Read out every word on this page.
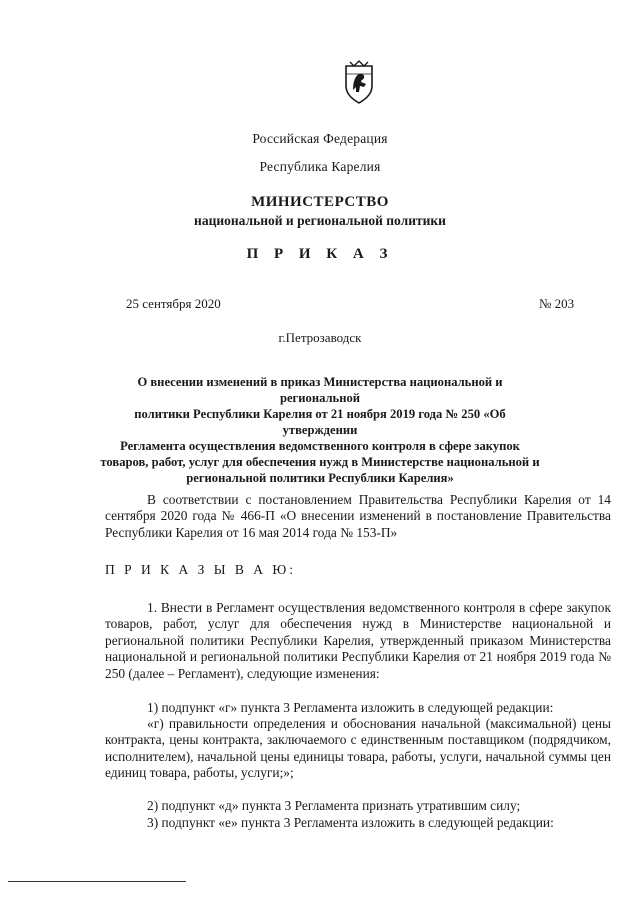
Российская Федерация
Республика Карелия
МИНИСТЕРСТВО
национальной и региональной политики
П Р И К А З
25 сентября 2020	№ 203
г.Петрозаводск
О внесении изменений в приказ Министерства национальной и региональной
политики Республики Карелия от 21 ноября 2019 года № 250 «Об утверждении
Регламента осуществления ведомственного контроля в сфере закупок
товаров, работ, услуг для обеспечения нужд в Министерстве национальной и
региональной политики Республики Карелия»
В соответствии с постановлением Правительства Республики Карелия от 14 сентября 2020 года № 466-П «О внесении изменений в постановление Правительства Республики Карелия от 16 мая 2014 года № 153-П»
П Р И К А З Ы В А Ю:
1. Внести в Регламент осуществления ведомственного контроля в сфере закупок товаров, работ, услуг для обеспечения нужд в Министерстве национальной и региональной политики Республики Карелия, утвержденный приказом Министерства национальной и региональной политики Республики Карелия от 21 ноября 2019 года № 250 (далее – Регламент), следующие изменения:
1) подпункт «г» пункта 3 Регламента изложить в следующей редакции:
«г) правильности определения и обоснования начальной (максимальной) цены контракта, цены контракта, заключаемого с единственным поставщиком (подрядчиком, исполнителем), начальной цены единицы товара, работы, услуги, начальной суммы цен единиц товара, работы, услуги;»;
2) подпункт «д» пункта 3 Регламента признать утратившим силу;
3) подпункт «е» пункта 3 Регламента изложить в следующей редакции:
